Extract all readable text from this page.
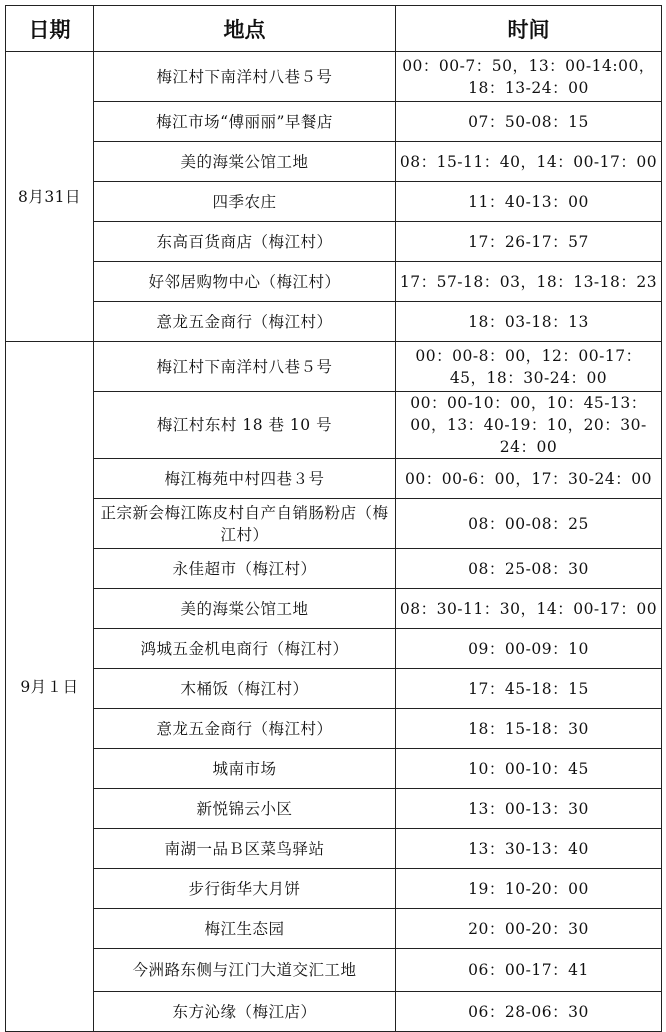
日期	地点	时间
8月31日	梅江村下南洋村八巷５号	00：00-7：50，13：00-14:00，18：13-24：00
	梅江市场“傅丽丽”早餐店	07：50-08：15
	美的海棠公馆工地	08：15-11：40，14：00-17：00
	四季农庄	11：40-13：00
	东高百货商店（梅江村）	17：26-17：57
	好邻居购物中心（梅江村）	17：57-18：03，18：13-18：23
	意龙五金商行（梅江村）	18：03-18：13
9月１日	梅江村下南洋村八巷５号	00：00-8：00，12：00-17：45，18：30-24：00
	梅江村东村 18 巷 10 号	00：00-10：00，10：45-13：00，13：40-19：10，20：30-24：00
	梅江梅苑中村四巷３号	00：00-6：00，17：30-24：00
	正宗新会梅江陈皮村自产自销肠粉店（梅江村）	08：00-08：25
	永佳超市（梅江村）	08：25-08：30
	美的海棠公馆工地	08：30-11：30，14：00-17：00
	鸿城五金机电商行（梅江村）	09：00-09：10
	木桶饭（梅江村）	17：45-18：15
	意龙五金商行（梅江村）	18：15-18：30
	城南市场	10：00-10：45
	新悦锦云小区	13：00-13：30
	南湖一品Ｂ区菜鸟驿站	13：30-13：40
	步行街华大月饼	19：10-20：00
	梅江生态园	20：00-20：30
	今洲路东侧与江门大道交汇工地	06：00-17：41
	东方沁缘（梅江店）	06：28-06：30
